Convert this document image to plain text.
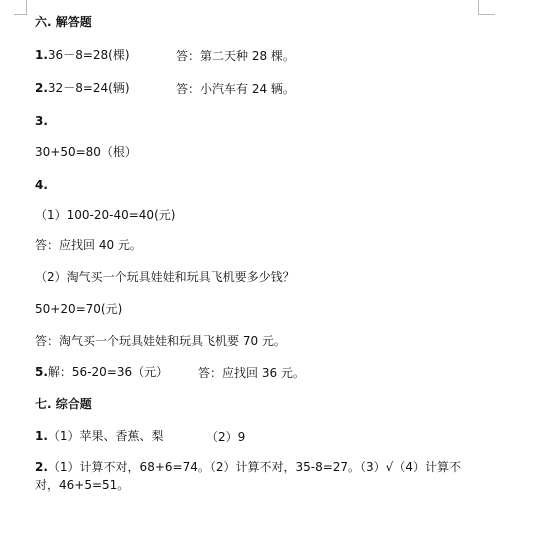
六. 解答题
1.36－8=28(棵)	答：第二天种 28 棵。
2.32－8=24(辆)	答：小汽车有 24 辆。
3.
30+50=80（根）
4.
（1）100-20-40=40(元)
答：应找回 40 元。
（2）淘气买一个玩具娃娃和玩具飞机要多少钱？
50+20=70(元)
答：淘气买一个玩具娃娃和玩具飞机要 70 元。
5.解：56-20=36（元） 答：应找回 36 元。
七. 综合题
1.（1）苹果、香蕉、梨	（2）9
2.（1）计算不对，68+6=74。（2）计算不对，35-8=27。（3）√（4）计算不
对，46+5=51。
